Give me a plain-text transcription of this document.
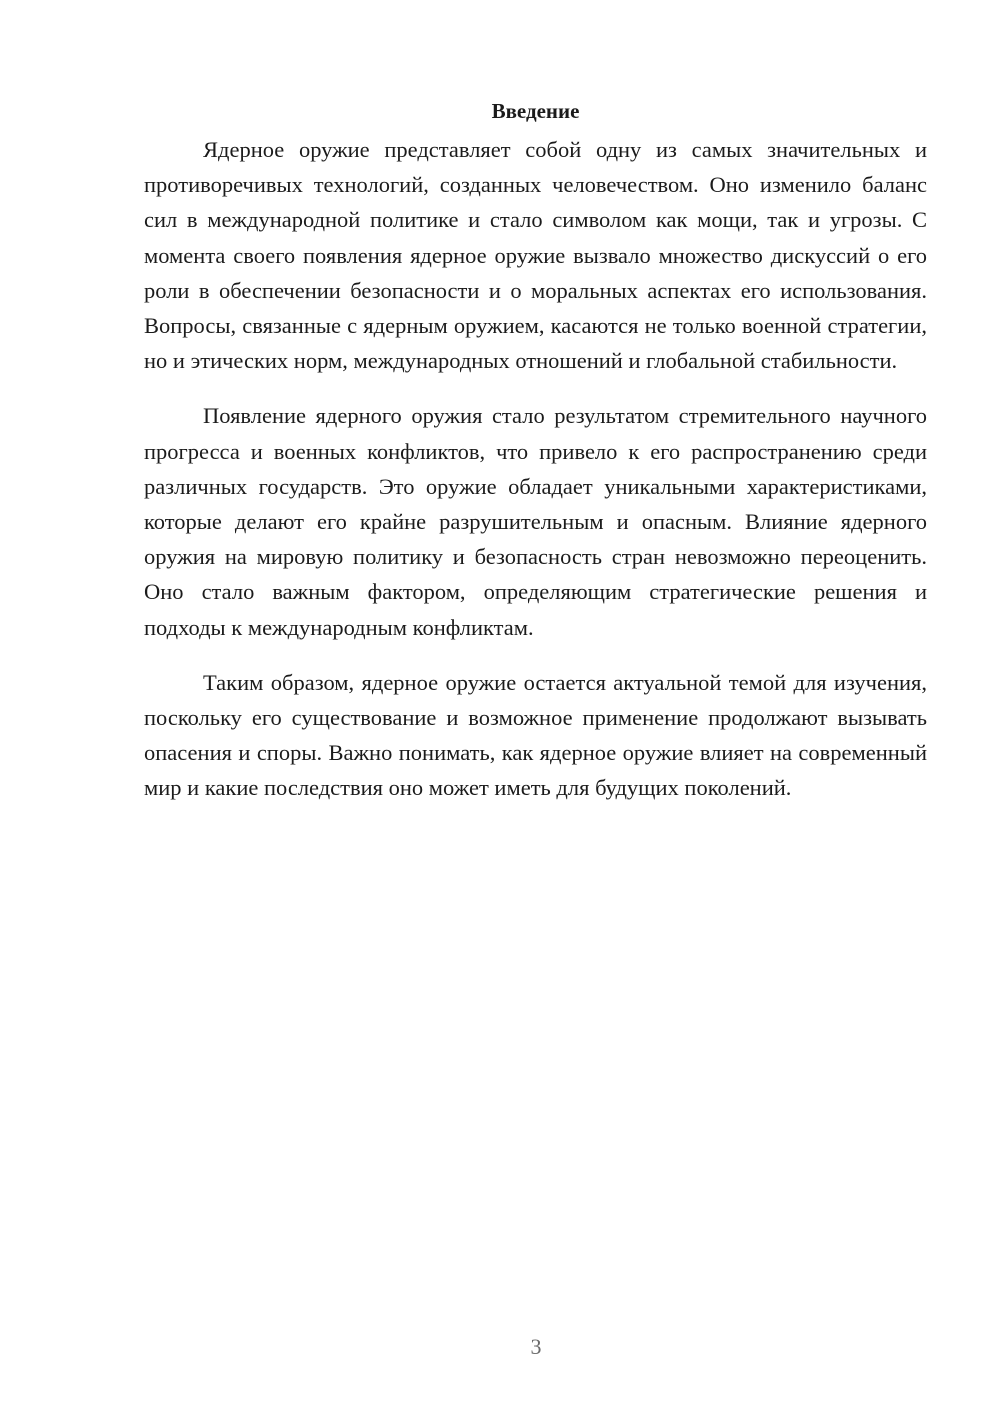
Введение

Ядерное оружие представляет собой одну из самых значительных и противоречивых технологий, созданных человечеством. Оно изменило баланс сил в международной политике и стало символом как мощи, так и угрозы. С момента своего появления ядерное оружие вызвало множество дискуссий о его роли в обеспечении безопасности и о моральных аспектах его использования. Вопросы, связанные с ядерным оружием, касаются не только военной стратегии, но и этических норм, международных отношений и глобальной стабильности.

Появление ядерного оружия стало результатом стремительного научного прогресса и военных конфликтов, что привело к его распространению среди различных государств. Это оружие обладает уникальными характеристиками, которые делают его крайне разрушительным и опасным. Влияние ядерного оружия на мировую политику и безопасность стран невозможно переоценить. Оно стало важным фактором, определяющим стратегические решения и подходы к международным конфликтам.

Таким образом, ядерное оружие остается актуальной темой для изучения, поскольку его существование и возможное применение продолжают вызывать опасения и споры. Важно понимать, как ядерное оружие влияет на современный мир и какие последствия оно может иметь для будущих поколений.

3
